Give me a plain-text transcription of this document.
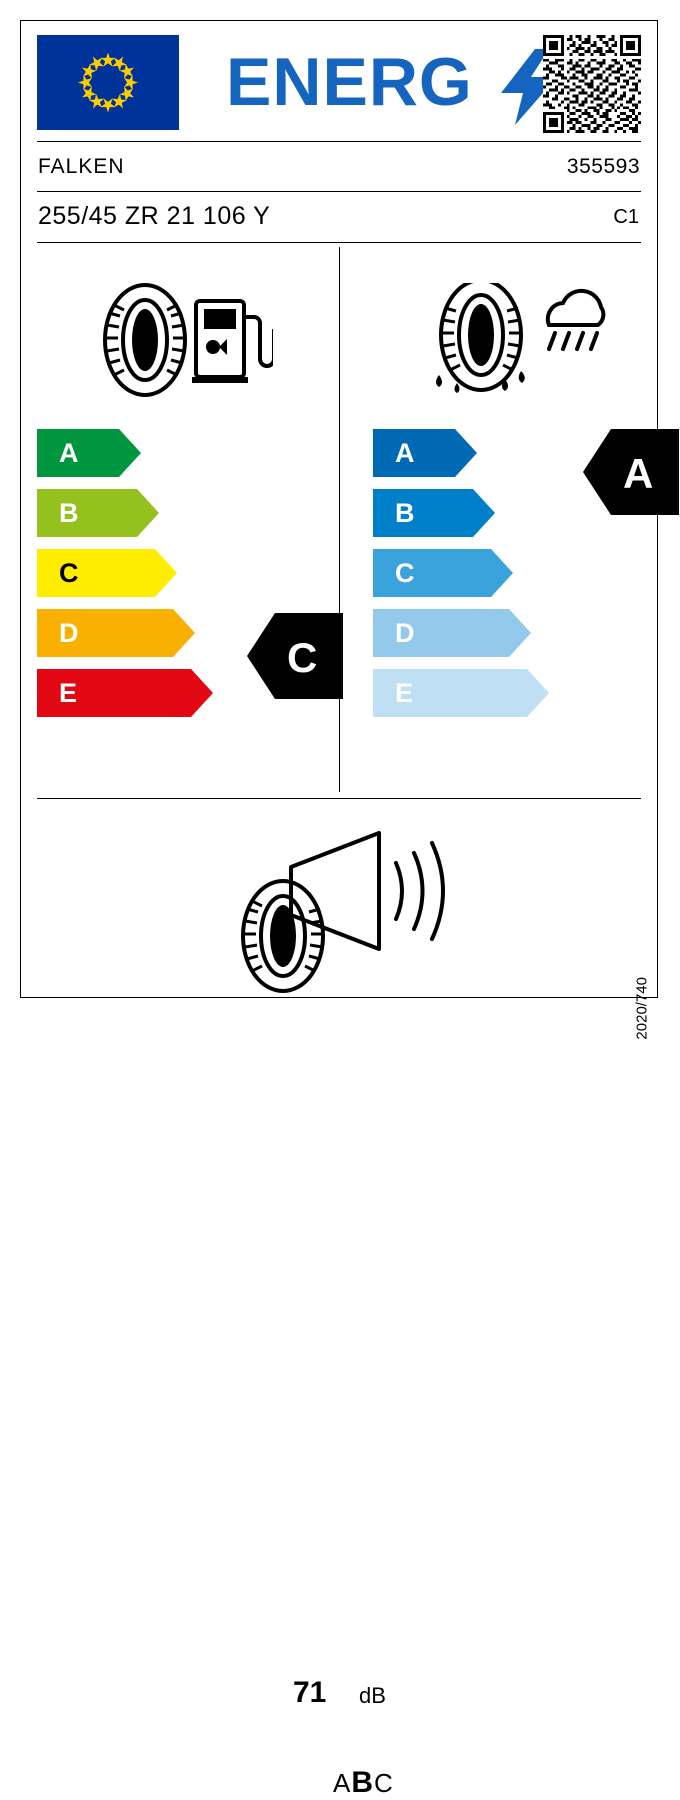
ENERG
FALKEN	355593
255/45 ZR 21 106 Y	C1
A
B
C
D
E
A
B
C
D
E
C
A
71 dB
ABC
2020/740
